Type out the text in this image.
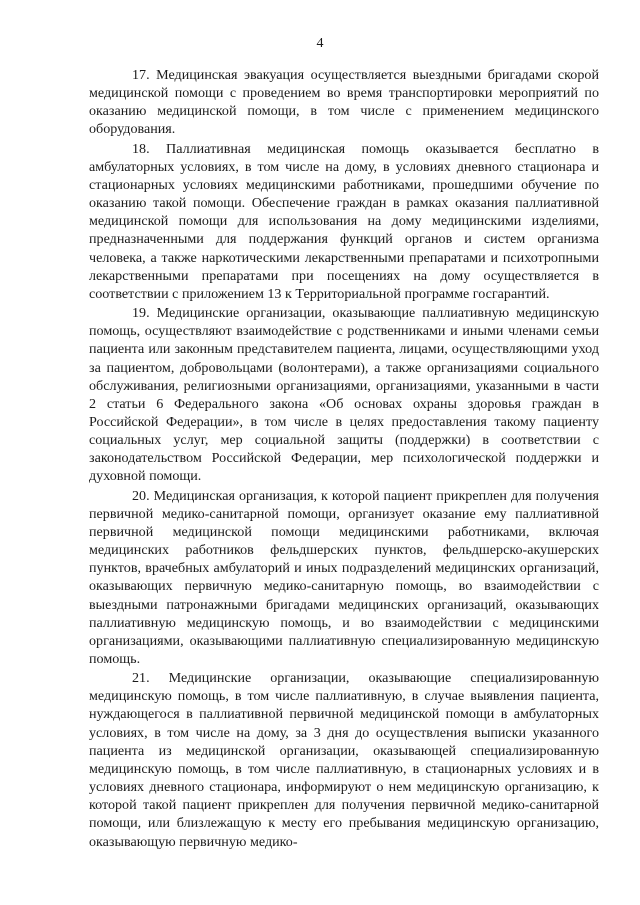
4

17. Медицинская эвакуация осуществляется выездными бригадами скорой медицинской помощи с проведением во время транспортировки мероприятий по оказанию медицинской помощи, в том числе с применением медицинского оборудования.

18. Паллиативная медицинская помощь оказывается бесплатно в амбулаторных условиях, в том числе на дому, в условиях дневного стационара и стационарных условиях медицинскими работниками, прошедшими обучение по оказанию такой помощи. Обеспечение граждан в рамках оказания паллиативной медицинской помощи для использования на дому медицинскими изделиями, предназначенными для поддержания функций органов и систем организма человека, а также наркотическими лекарственными препаратами и психотропными лекарственными препаратами при посещениях на дому осуществляется в соответствии с приложением 13 к Территориальной программе госгарантий.

19. Медицинские организации, оказывающие паллиативную медицинскую помощь, осуществляют взаимодействие с родственниками и иными членами семьи пациента или законным представителем пациента, лицами, осуществляющими уход за пациентом, добровольцами (волонтерами), а также организациями социального обслуживания, религиозными организациями, организациями, указанными в части 2 статьи 6 Федерального закона «Об основах охраны здоровья граждан в Российской Федерации», в том числе в целях предоставления такому пациенту социальных услуг, мер социальной защиты (поддержки) в соответствии с законодательством Российской Федерации, мер психологической поддержки и духовной помощи.

20. Медицинская организация, к которой пациент прикреплен для получения первичной медико-санитарной помощи, организует оказание ему паллиативной первичной медицинской помощи медицинскими работниками, включая медицинских работников фельдшерских пунктов, фельдшерско-акушерских пунктов, врачебных амбулаторий и иных подразделений медицинских организаций, оказывающих первичную медико-санитарную помощь, во взаимодействии с выездными патронажными бригадами медицинских организаций, оказывающих паллиативную медицинскую помощь, и во взаимодействии с медицинскими организациями, оказывающими паллиативную специализированную медицинскую помощь.

21. Медицинские организации, оказывающие специализированную медицинскую помощь, в том числе паллиативную, в случае выявления пациента, нуждающегося в паллиативной первичной медицинской помощи в амбулаторных условиях, в том числе на дому, за 3 дня до осуществления выписки указанного пациента из медицинской организации, оказывающей специализированную медицинскую помощь, в том числе паллиативную, в стационарных условиях и в условиях дневного стационара, информируют о нем медицинскую организацию, к которой такой пациент прикреплен для получения первичной медико-санитарной помощи, или близлежащую к месту его пребывания медицинскую организацию, оказывающую первичную медико-
